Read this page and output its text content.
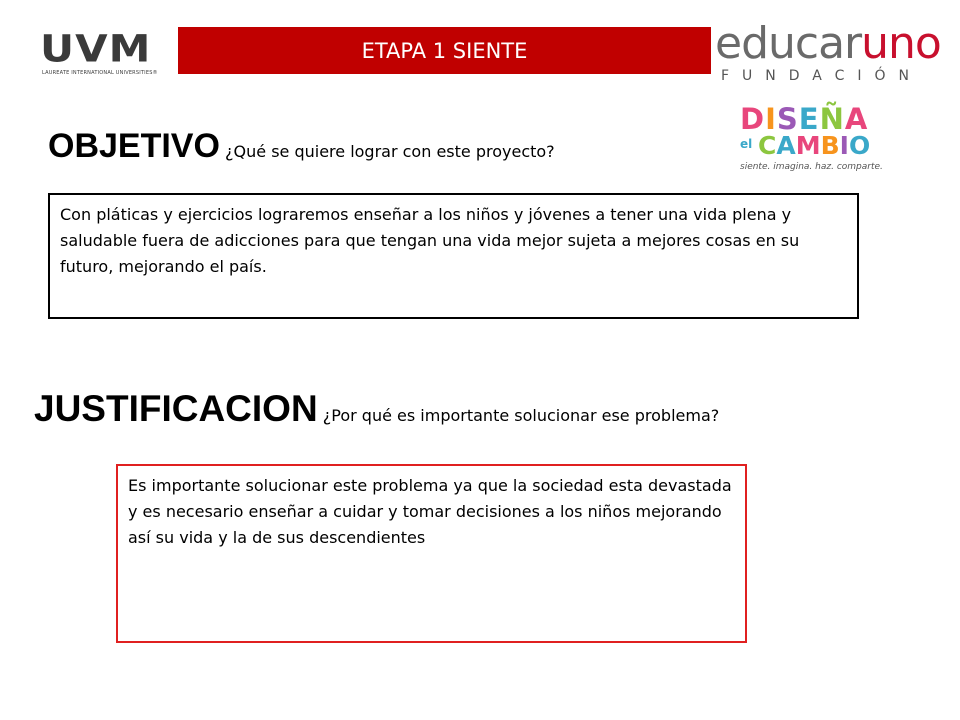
UVM
LAUREATE INTERNATIONAL UNIVERSITIES®
ETAPA 1 SIENTE	educaruno
FUNDACIÓN
DISEÑA
el CAMBIO
siente. imagina. haz. comparte.
OBJETIVO ¿Qué se quiere lograr con este proyecto?
Con pláticas y ejercicios lograremos enseñar a los niños y jóvenes a tener una vida plena y saludable fuera de adicciones para que tengan una vida mejor sujeta a mejores cosas en su futuro, mejorando el país.
JUSTIFICACION ¿Por qué es importante solucionar ese problema?
Es importante solucionar este problema ya que la sociedad esta devastada y es necesario enseñar a cuidar y tomar decisiones a los niños mejorando así su vida y la de sus descendientes
